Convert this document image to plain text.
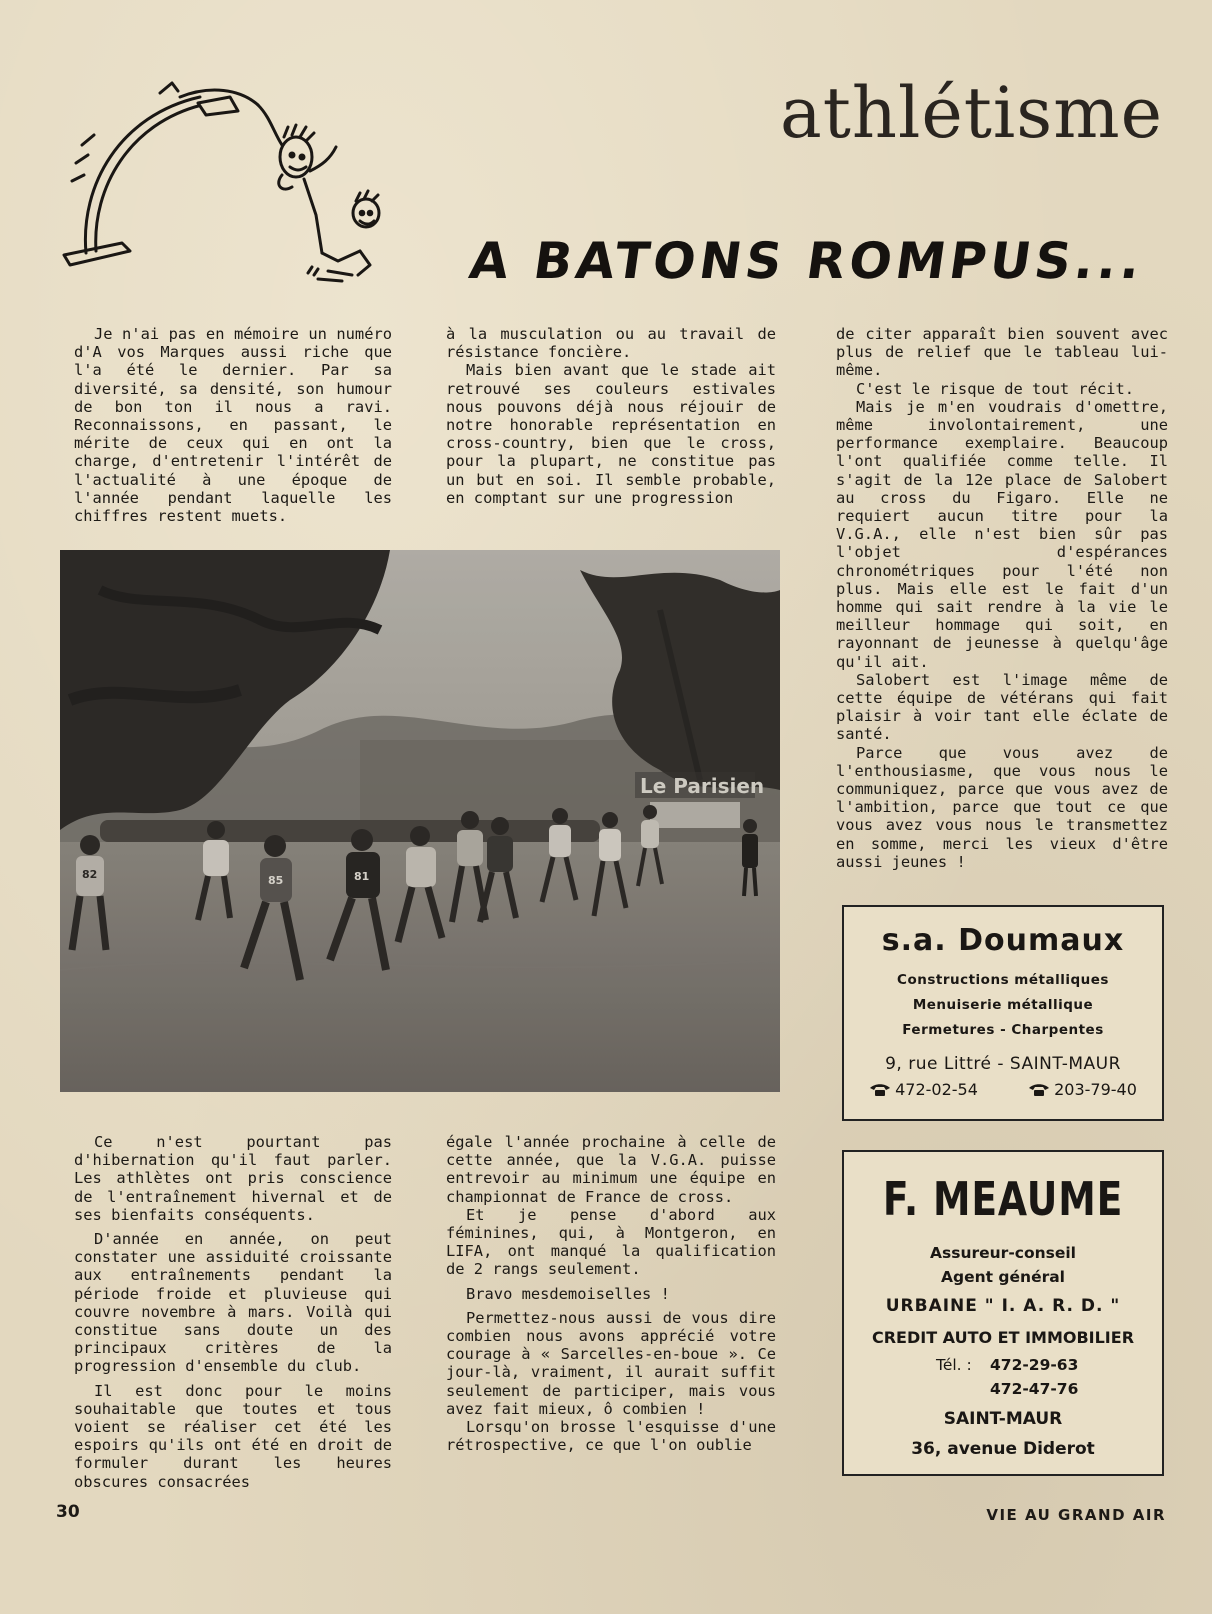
athlétisme
A BATONS ROMPUS...

Je n'ai pas en mémoire un numéro d'A vos Marques aussi riche que l'a été le dernier. Par sa diversité, sa densité, son humour de bon ton il nous a ravi. Reconnaissons, en passant, le mérite de ceux qui en ont la charge, d'entretenir l'intérêt de l'actualité à une époque de l'année pendant laquelle les chiffres restent muets.

à la musculation ou au travail de résistance foncière.

Mais bien avant que le stade ait retrouvé ses couleurs estivales nous pouvons déjà nous réjouir de notre honorable représentation en cross-country, bien que le cross, pour la plupart, ne constitue pas un but en soi. Il semble probable, en comptant sur une progression

de citer apparaît bien souvent avec plus de relief que le tableau lui-même.

C'est le risque de tout récit.

Mais je m'en voudrais d'omettre, même involontairement, une performance exemplaire. Beaucoup l'ont qualifiée comme telle. Il s'agit de la 12e place de Salobert au cross du Figaro. Elle ne requiert aucun titre pour la V.G.A., elle n'est bien sûr pas l'objet d'espérances chronométriques pour l'été non plus. Mais elle est le fait d'un homme qui sait rendre à la vie le meilleur hommage qui soit, en rayonnant de jeunesse à quelqu'âge qu'il ait.

Salobert est l'image même de cette équipe de vétérans qui fait plaisir à voir tant elle éclate de santé.

Parce que vous avez de l'enthousiasme, que vous nous le communiquez, parce que vous avez de l'ambition, parce que tout ce que vous avez vous nous le transmettez en somme, merci les vieux d'être aussi jeunes !

Le Parisien
82	85	81

Ce n'est pourtant pas d'hibernation qu'il faut parler. Les athlètes ont pris conscience de l'entraînement hivernal et de ses bienfaits conséquents.

D'année en année, on peut constater une assiduité croissante aux entraînements pendant la période froide et pluvieuse qui couvre novembre à mars. Voilà qui constitue sans doute un des principaux critères de la progression d'ensemble du club.

Il est donc pour le moins souhaitable que toutes et tous voient se réaliser cet été les espoirs qu'ils ont été en droit de formuler durant les heures obscures consacrées

égale l'année prochaine à celle de cette année, que la V.G.A. puisse entrevoir au minimum une équipe en championnat de France de cross.

Et je pense d'abord aux féminines, qui, à Montgeron, en LIFA, ont manqué la qualification de 2 rangs seulement.

Bravo mesdemoiselles !

Permettez-nous aussi de vous dire combien nous avons apprécié votre courage à « Sarcelles-en-boue ». Ce jour-là, vraiment, il aurait suffit seulement de participer, mais vous avez fait mieux, ô combien !

Lorsqu'on brosse l'esquisse d'une rétrospective, ce que l'on oublie

s.a. Doumaux
Constructions métalliques
Menuiserie métallique
Fermetures - Charpentes
9, rue Littré - SAINT-MAUR
472-02-54	203-79-40
F. MEAUME
Assureur-conseil
Agent général
URBAINE " I. A. R. D. "
CREDIT AUTO ET IMMOBILIER
Tél. : 472-29-63
472-47-76
SAINT-MAUR
36, avenue Diderot
30	VIE AU GRAND AIR
